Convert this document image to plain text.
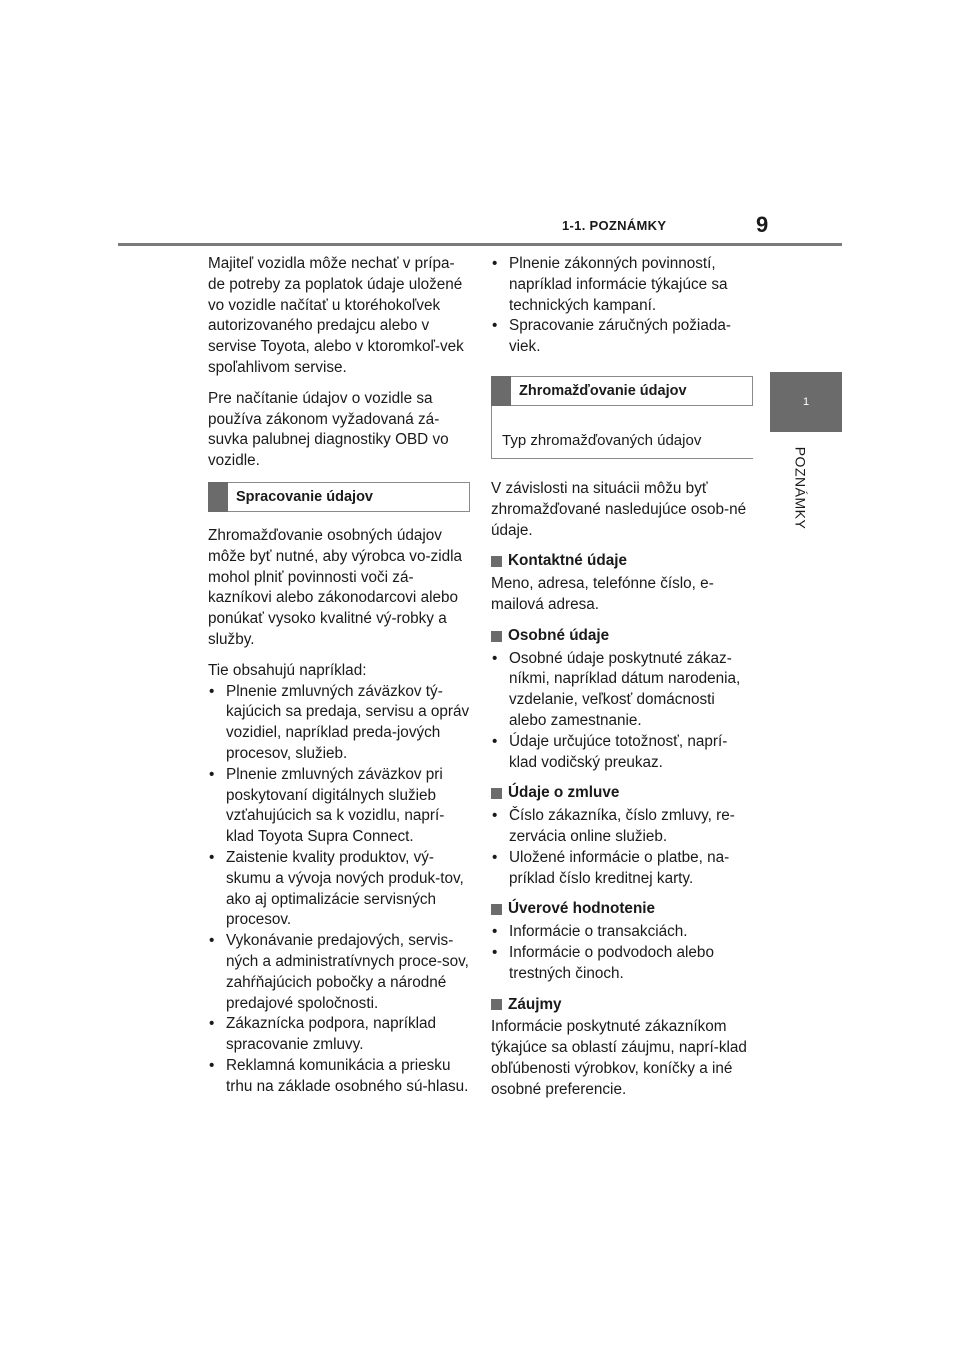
1-1. POZNÁMKY	9
1
POZNÁMKY

Majiteľ vozidla môže nechať v prípa-de potreby za poplatok údaje uložené vo vozidle načítať u ktoréhokoľvek autorizovaného predajcu alebo v servise Toyota, alebo v ktoromkoľ-vek spoľahlivom servise.

Pre načítanie údajov o vozidle sa používa zákonom vyžadovaná zá-suvka palubnej diagnostiky OBD vo vozidle.

Spracovanie údajov

Zhromažďovanie osobných údajov môže byť nutné, aby výrobca vo-zidla mohol plniť povinnosti voči zá-kazníkovi alebo zákonodarcovi alebo ponúkať vysoko kvalitné vý-robky a služby.

Tie obsahujú napríklad:

• Plnenie zmluvných záväzkov tý-kajúcich sa predaja, servisu a opráv vozidiel, napríklad preda-jových procesov, služieb.
• Plnenie zmluvných záväzkov pri poskytovaní digitálnych služieb vzťahujúcich sa k vozidlu, naprí-klad Toyota Supra Connect.
• Zaistenie kvality produktov, vý-skumu a vývoja nových produk-tov, ako aj optimalizácie servisných procesov.
• Vykonávanie predajových, servis-ných a administratívnych proce-sov, zahŕňajúcich pobočky a národné predajové spoločnosti.
• Zákaznícka podpora, napríklad spracovanie zmluvy.
• Reklamná komunikácia a priesku trhu na základe osobného sú-hlasu.
• Plnenie zákonných povinností, napríklad informácie týkajúce sa technických kampaní.
• Spracovanie záručných požiada-viek.
Zhromažďovanie údajov
Typ zhromažďovaných údajov

V závislosti na situácii môžu byť zhromažďované nasledujúce osob-né údaje.

Kontaktné údaje

Meno, adresa, telefónne číslo, e-mailová adresa.

Osobné údaje
• Osobné údaje poskytnuté zákaz-níkmi, napríklad dátum narodenia, vzdelanie, veľkosť domácnosti alebo zamestnanie.
• Údaje určujúce totožnosť, naprí-klad vodičský preukaz.
Údaje o zmluve
• Číslo zákazníka, číslo zmluvy, re-zervácia online služieb.
• Uložené informácie o platbe, na-príklad číslo kreditnej karty.
Úverové hodnotenie
• Informácie o transakciách.
• Informácie o podvodoch alebo trestných činoch.
Záujmy

Informácie poskytnuté zákazníkom týkajúce sa oblastí záujmu, naprí-klad obľúbenosti výrobkov, koníčky a iné osobné preferencie.
